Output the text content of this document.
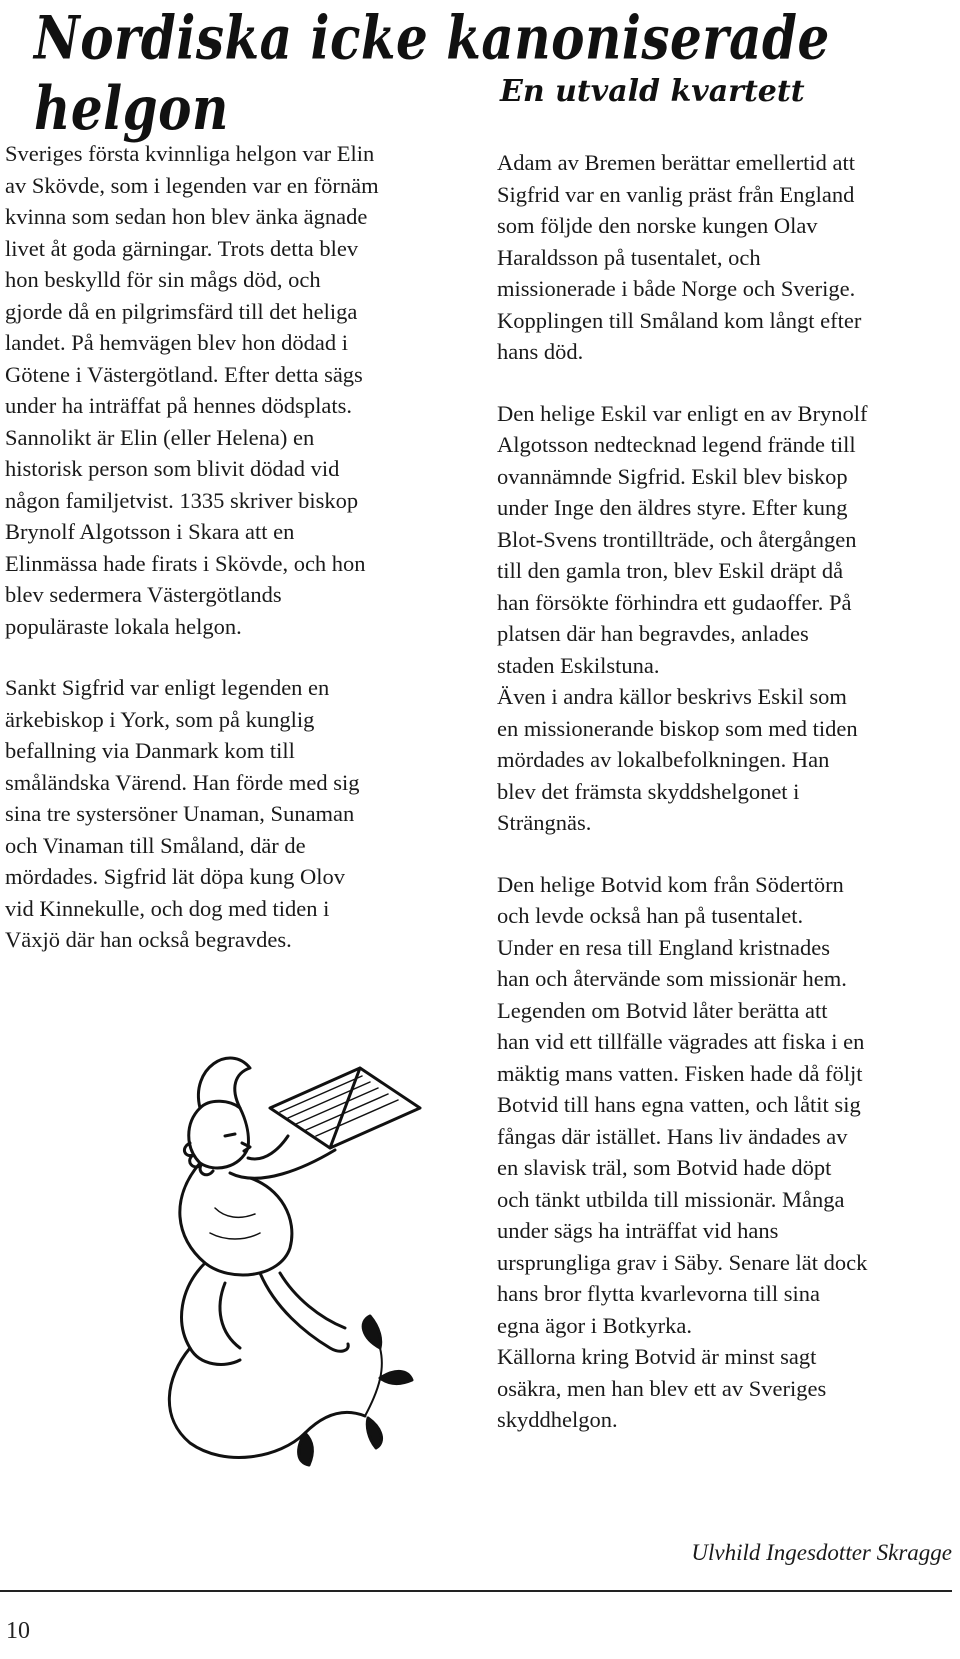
Nordiska icke kanoniserade helgon	En utvald kvartett

Sveriges första kvinnliga helgon var Elin
av Skövde, som i legenden var en förnäm
kvinna som sedan hon blev änka ägnade
livet åt goda gärningar. Trots detta blev
hon beskylld för sin mågs död, och
gjorde då en pilgrimsfärd till det heliga
landet. På hemvägen blev hon dödad i
Götene i Västergötland. Efter detta sägs
under ha inträffat på hennes dödsplats.
Sannolikt är Elin (eller Helena) en
historisk person som blivit dödad vid
någon familjetvist. 1335 skriver biskop
Brynolf Algotsson i Skara att en
Elinmässa hade firats i Skövde, och hon
blev sedermera Västergötlands
populäraste lokala helgon.

Sankt Sigfrid var enligt legenden en
ärkebiskop i York, som på kunglig
befallning via Danmark kom till
småländska Värend. Han förde med sig
sina tre systersöner Unaman, Sunaman
och Vinaman till Småland, där de
mördades. Sigfrid lät döpa kung Olov
vid Kinnekulle, och dog med tiden i
Växjö där han också begravdes.

Adam av Bremen berättar emellertid att
Sigfrid var en vanlig präst från England
som följde den norske kungen Olav
Haraldsson på tusentalet, och
missionerade i både Norge och Sverige.
Kopplingen till Småland kom långt efter
hans död.

Den helige Eskil var enligt en av Brynolf
Algotsson nedtecknad legend frände till
ovannämnde Sigfrid. Eskil blev biskop
under Inge den äldres styre. Efter kung
Blot-Svens trontillträde, och återgången
till den gamla tron, blev Eskil dräpt då
han försökte förhindra ett gudaoffer. På
platsen där han begravdes, anlades
staden Eskilstuna.

Även i andra källor beskrivs Eskil som
en missionerande biskop som med tiden
mördades av lokalbefolkningen. Han
blev det främsta skyddshelgonet i
Strängnäs.

Den helige Botvid kom från Södertörn
och levde också han på tusentalet.
Under en resa till England kristnades
han och återvände som missionär hem.
Legenden om Botvid låter berätta att
han vid ett tillfälle vägrades att fiska i en
mäktig mans vatten. Fisken hade då följt
Botvid till hans egna vatten, och låtit sig
fångas där istället. Hans liv ändades av
en slavisk träl, som Botvid hade döpt
och tänkt utbilda till missionär. Många
under sägs ha inträffat vid hans
ursprungliga grav i Säby. Senare lät dock
hans bror flytta kvarlevorna till sina
egna ägor i Botkyrka.

Källorna kring Botvid är minst sagt
osäkra, men han blev ett av Sveriges
skyddhelgon.

Ulvhild Ingesdotter Skragge
10
